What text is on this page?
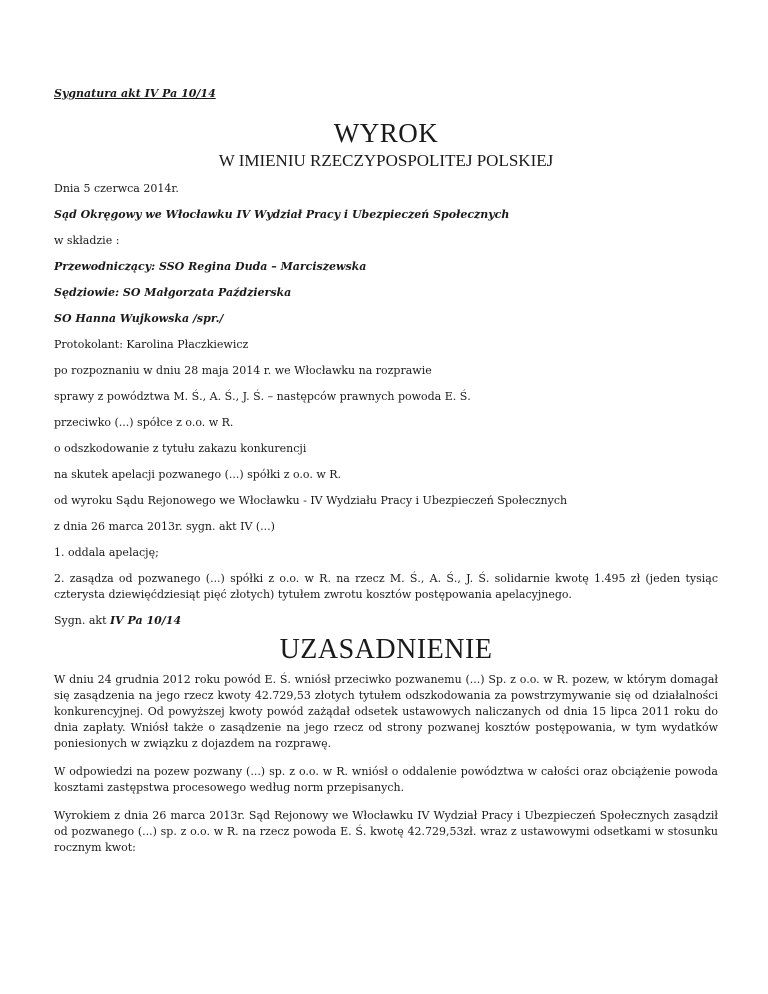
Sygnatura akt IV Pa 10/14

WYROK

W IMIENIU RZECZYPOSPOLITEJ POLSKIEJ

Dnia 5 czerwca 2014r.

Sąd Okręgowy we Włocławku IV Wydział Pracy i Ubezpieczeń Społecznych

w składzie :

Przewodniczący: SSO Regina Duda – Marciszewska

Sędziowie: SO Małgorzata Paździerska

SO Hanna Wujkowska /spr./

Protokolant: Karolina Płaczkiewicz

po rozpoznaniu w dniu 28 maja 2014 r. we Włocławku na rozprawie

sprawy z powództwa M. Ś., A. Ś., J. Ś. – następców prawnych powoda E. Ś.

przeciwko (...) spółce z o.o. w R.

o odszkodowanie z tytułu zakazu konkurencji

na skutek apelacji pozwanego (...) spółki z o.o. w R.

od wyroku Sądu Rejonowego we Włocławku - IV Wydziału Pracy i Ubezpieczeń Społecznych

z dnia 26 marca 2013r. sygn. akt IV (...)

1. oddala apelację;

2. zasądza od pozwanego (...) spółki z o.o. w R. na rzecz M. Ś., A. Ś., J. Ś. solidarnie kwotę 1.495 zł (jeden tysiąc czterysta dziewięćdziesiąt pięć złotych) tytułem zwrotu kosztów postępowania apelacyjnego.

Sygn. akt IV Pa 10/14

UZASADNIENIE

W dniu 24 grudnia 2012 roku powód E. Ś. wniósł przeciwko pozwanemu (...) Sp. z o.o. w R. pozew, w którym domagał się zasądzenia na jego rzecz kwoty 42.729,53 złotych tytułem odszkodowania za powstrzymywanie się od działalności konkurencyjnej. Od powyższej kwoty powód zażądał odsetek ustawowych naliczanych od dnia 15 lipca 2011 roku do dnia zapłaty. Wniósł także o zasądzenie na jego rzecz od strony pozwanej kosztów postępowania, w tym wydatków poniesionych w związku z dojazdem na rozprawę.

W odpowiedzi na pozew pozwany (...) sp. z o.o. w R. wniósł o oddalenie powództwa w całości oraz obciążenie powoda kosztami zastępstwa procesowego według norm przepisanych.

Wyrokiem z dnia 26 marca 2013r. Sąd Rejonowy we Włocławku IV Wydział Pracy i Ubezpieczeń Społecznych zasądził od pozwanego (...) sp. z o.o. w R. na rzecz powoda E. Ś. kwotę 42.729,53zł. wraz z ustawowymi odsetkami w stosunku rocznym kwot:
